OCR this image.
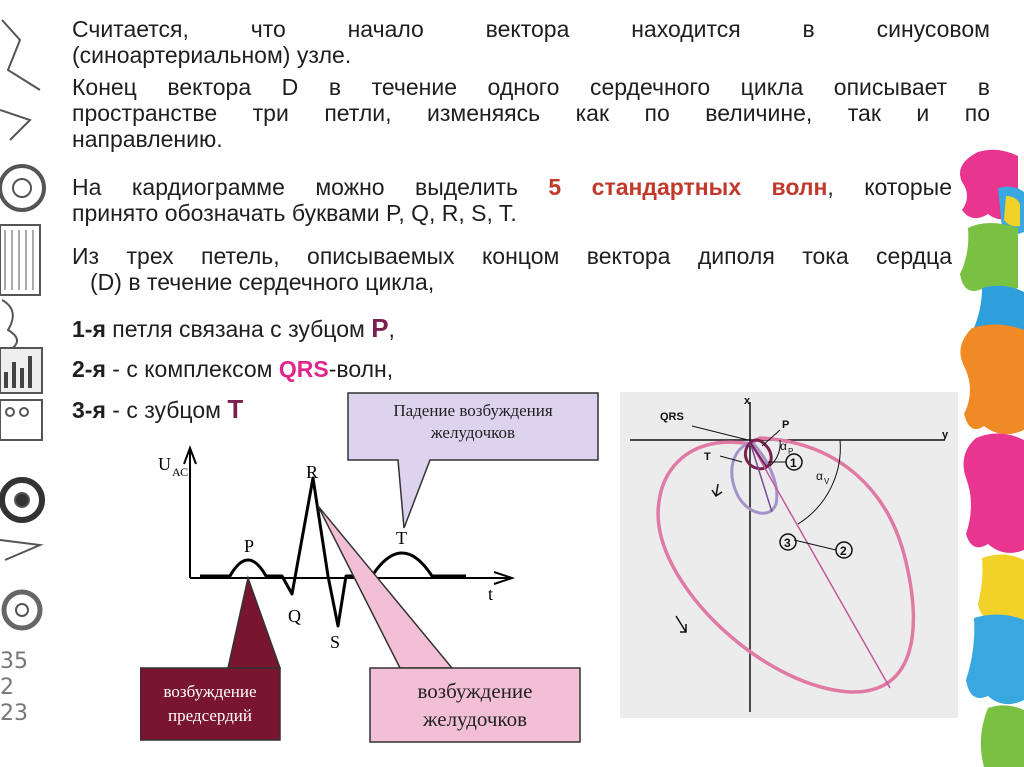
35
2
23

Считается, что начало вектора находится в синусовом

(синоартериальном) узле.

Конец вектора D в течение одного сердечного цикла описывает в

пространстве три петли, изменяясь как по величине, так и по

направлению.

На кардиограмме можно выделить 5 стандартных волн, которые

принято обозначать буквами P, Q, R, S, T.

Из трех петель, описываемых концом вектора диполя тока сердца

(D) в течение сердечного цикла,

1-я петля связана с зубцом P,

2-я - с комплексом QRS-волн,

3-я - с зубцом T

U АС
t
P
Q
R
S
T
Падение возбуждения
желудочков
возбуждение
предсердий
возбуждение
желудочков
1
3
2
QRS
P
T
x
y
α P
α V
